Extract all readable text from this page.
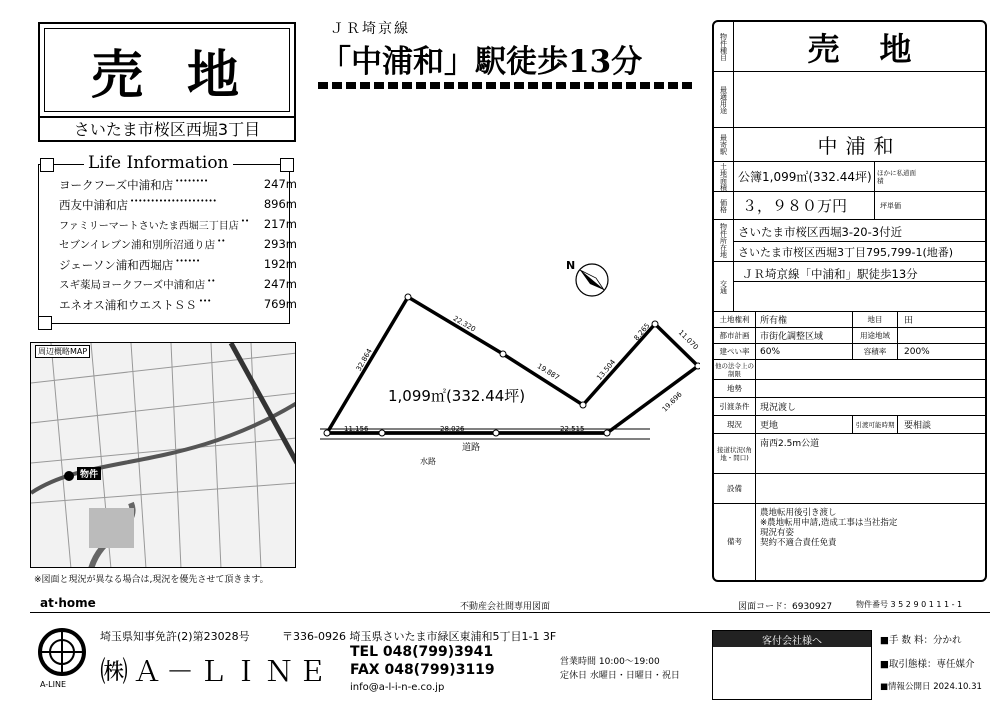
売地
さいたま市桜区西堀3丁目
ヨークフーズ中浦和店 ••••••••	247m
西友中浦和店 •••••••••••••••••••••	896m
ファミリーマートさいたま西堀三丁目店 ••	217m
セブンイレブン浦和別所沼通り店 ••	293m
ジェーソン浦和西堀店 ••••••	192m
スギ薬局ヨークフーズ中浦和店 ••	247m
エネオス浦和ウエストＳＳ •••	769m
Life Information
周辺概略MAP
物件
※図面と現況が異なる場合は,現況を優先させて頂きます。
ＪＲ埼京線
「中浦和」駅徒歩13分
32.864
22.320
19.887	13.504
8.265	11.070
19.696
11.156	28.026	22.515
1,099㎡(332.44坪)
道路
水路
N
物件種目	売地
最適用途
最寄駅	中浦和
土地面積 公簿1,099㎡(332.44坪) ほかに私道面積
価格 ３，９８０万円	坪単価
物件所在地 さいたま市桜区西堀3-20-3付近
さいたま市桜区西堀3丁目795,799-1(地番)
交通
ＪＲ埼京線「中浦和」駅徒歩13分
土地権利	所有権	地目	田
都市計画	市街化調整区域	用途地域
建ぺい率	60%	容積率	200%
他の法令上の制限
地勢
引渡条件	現況渡し
現況	更地	引渡可能時期	要相談
接道状況(角地・間口)
南西2.5m公道
設備
備考
農地転用後引き渡し
※農地転用申請,造成工事は当社指定
現況有姿
契約不適合責任免責
at·home	不動産会社間専用図面	図面コード：6930927	物件番号 3 5 2 9 0 1 1 1 - 1
A-LINE
埼玉県知事免許(2)第23028号	〒336-0926 埼玉県さいたま市緑区東浦和5丁目1-1 3F
㈱Ａ－ＬＩＮＥ
TEL 048(799)3941
FAX 048(799)3119
info@a-l-i-n-e.co.jp
営業時間 10:00～19:00
定休日 水曜日・日曜日・祝日
客付会社様へ	■手 数 料：分かれ
■取引態様：専任媒介
■情報公開日 2024.10.31
